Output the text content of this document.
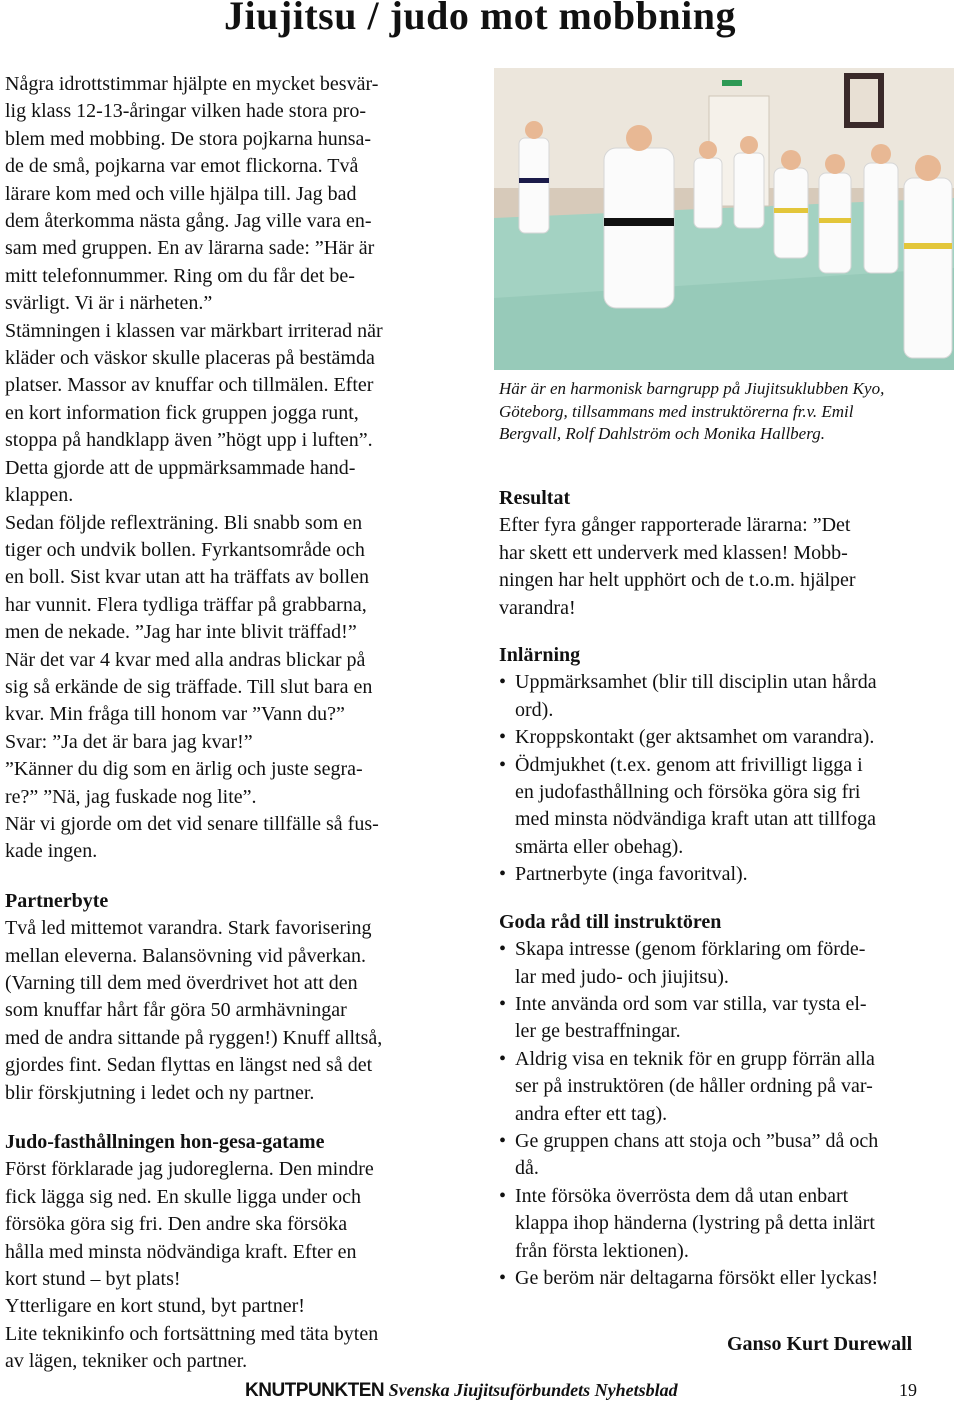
Jiujitsu / judo mot mobbning
Några idrottstimmar hjälpte en mycket besvär-
lig klass 12-13-åringar vilken hade stora pro-
blem med mobbing. De stora pojkarna hunsa-
de de små, pojkarna var emot flickorna. Två
lärare kom med och ville hjälpa till. Jag bad
dem återkomma nästa gång. Jag ville vara en-
sam med gruppen. En av lärarna sade: ”Här är
mitt telefonnummer. Ring om du får det be-
svärligt. Vi är i närheten.”
Stämningen i klassen var märkbart irriterad när
kläder och väskor skulle placeras på bestämda
platser. Massor av knuffar och tillmälen. Efter
en kort information fick gruppen jogga runt,
stoppa på handklapp även ”högt upp i luften”.
Detta gjorde att de uppmärksammade hand-
klappen.
Sedan följde reflexträning. Bli snabb som en
tiger och undvik bollen. Fyrkantsområde och
en boll. Sist kvar utan att ha träffats av bollen
har vunnit. Flera tydliga träffar på grabbarna,
men de nekade. ”Jag har inte blivit träffad!”
När det var 4 kvar med alla andras blickar på
sig så erkände de sig träffade. Till slut bara en
kvar. Min fråga till honom var ”Vann du?”
Svar: ”Ja det är bara jag kvar!”
”Känner du dig som en ärlig och juste segra-
re?” ”Nä, jag fuskade nog lite”.
När vi gjorde om det vid senare tillfälle så fus-
kade ingen.

Partnerbyte

Två led mittemot varandra. Stark favorisering
mellan eleverna. Balansövning vid påverkan.
(Varning till dem med överdrivet hot att den
som knuffar hårt får göra 50 armhävningar
med de andra sittande på ryggen!) Knuff alltså,
gjordes fint. Sedan flyttas en längst ned så det
blir förskjutning i ledet och ny partner.

Judo-fasthållningen hon-gesa-gatame

Först förklarade jag judoreglerna. Den mindre
fick lägga sig ned. En skulle ligga under och
försöka göra sig fri. Den andre ska försöka
hålla med minsta nödvändiga kraft. Efter en
kort stund – byt plats!
Ytterligare en kort stund, byt partner!
Lite teknikinfo och fortsättning med täta byten
av lägen, tekniker och partner.
Här är en harmonisk barngrupp på Jiujitsuklubben Kyo,
Göteborg, tillsammans med instruktörerna fr.v. Emil
Bergvall, Rolf Dahlström och Monika Hallberg.

Resultat

Efter fyra gånger rapporterade lärarna: ”Det
har skett ett underverk med klassen! Mobb-
ningen har helt upphört och de t.o.m. hjälper
varandra!

Inlärning

• Uppmärksamhet (blir till disciplin utan hårda
ord).
• Kroppskontakt (ger aktsamhet om varandra).
• Ödmjukhet (t.ex. genom att frivilligt ligga i
en judofasthållning och försöka göra sig fri
med minsta nödvändiga kraft utan att tillfoga
smärta eller obehag).
• Partnerbyte (inga favoritval).

Goda råd till instruktören

• Skapa intresse (genom förklaring om förde-
lar med judo- och jiujitsu).
• Inte använda ord som var stilla, var tysta el-
ler ge bestraffningar.
• Aldrig visa en teknik för en grupp förrän alla
ser på instruktören (de håller ordning på var-
andra efter ett tag).
• Ge gruppen chans att stoja och ”busa” då och
då.
• Inte försöka överrösta dem då utan enbart
klappa ihop händerna (lystring på detta inlärt
från första lektionen).
• Ge beröm när deltagarna försökt eller lyckas!
Ganso Kurt Durewall
KNUTPUNKTEN Svenska Jiujitsuförbundets Nyhetsblad	19
